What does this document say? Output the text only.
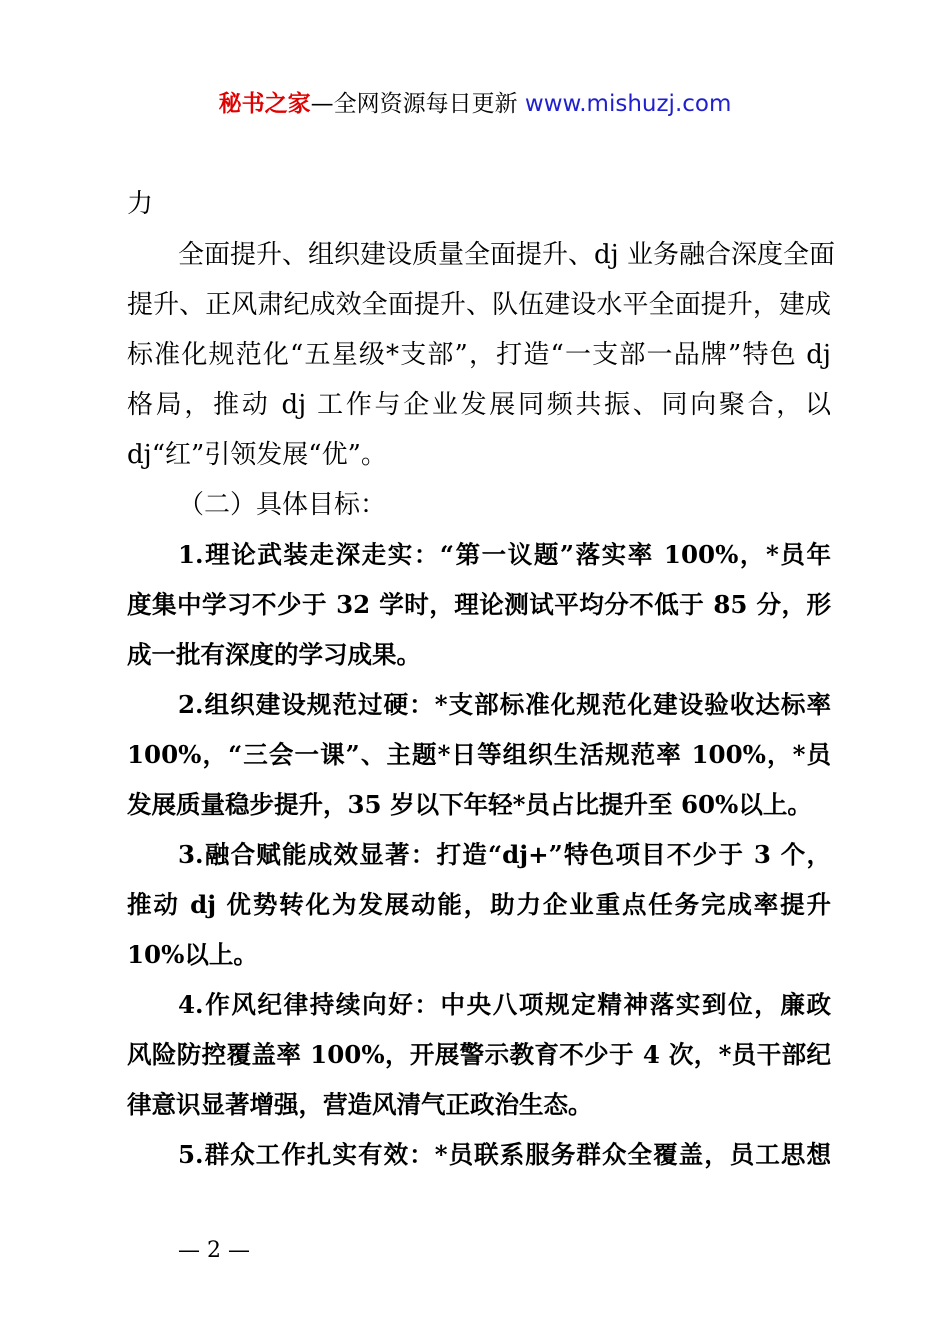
秘书之家—全网资源每日更新 www.mishuzj.com
力
全面提升、组织建设质量全面提升、dj 业务融合深度全面
提升、正风肃纪成效全面提升、队伍建设水平全面提升，建成
标准化规范化“五星级*支部”，打造“一支部一品牌”特色 dj
格局，推动 dj 工作与企业发展同频共振、同向聚合，以
dj“红”引领发展“优”。
（二）具体目标：
1.理论武装走深走实：“第一议题”落实率 100%，*员年
度集中学习不少于 32 学时，理论测试平均分不低于 85 分，形
成一批有深度的学习成果。
2.组织建设规范过硬：*支部标准化规范化建设验收达标率
100%，“三会一课”、主题*日等组织生活规范率 100%，*员
发展质量稳步提升，35 岁以下年轻*员占比提升至 60%以上。
3.融合赋能成效显著：打造“dj+”特色项目不少于 3 个，
推动 dj 优势转化为发展动能，助力企业重点任务完成率提升
10%以上。
4.作风纪律持续向好：中央八项规定精神落实到位，廉政
风险防控覆盖率 100%，开展警示教育不少于 4 次，*员干部纪
律意识显著增强，营造风清气正政治生态。
5.群众工作扎实有效：*员联系服务群众全覆盖，员工思想
— 2 —
